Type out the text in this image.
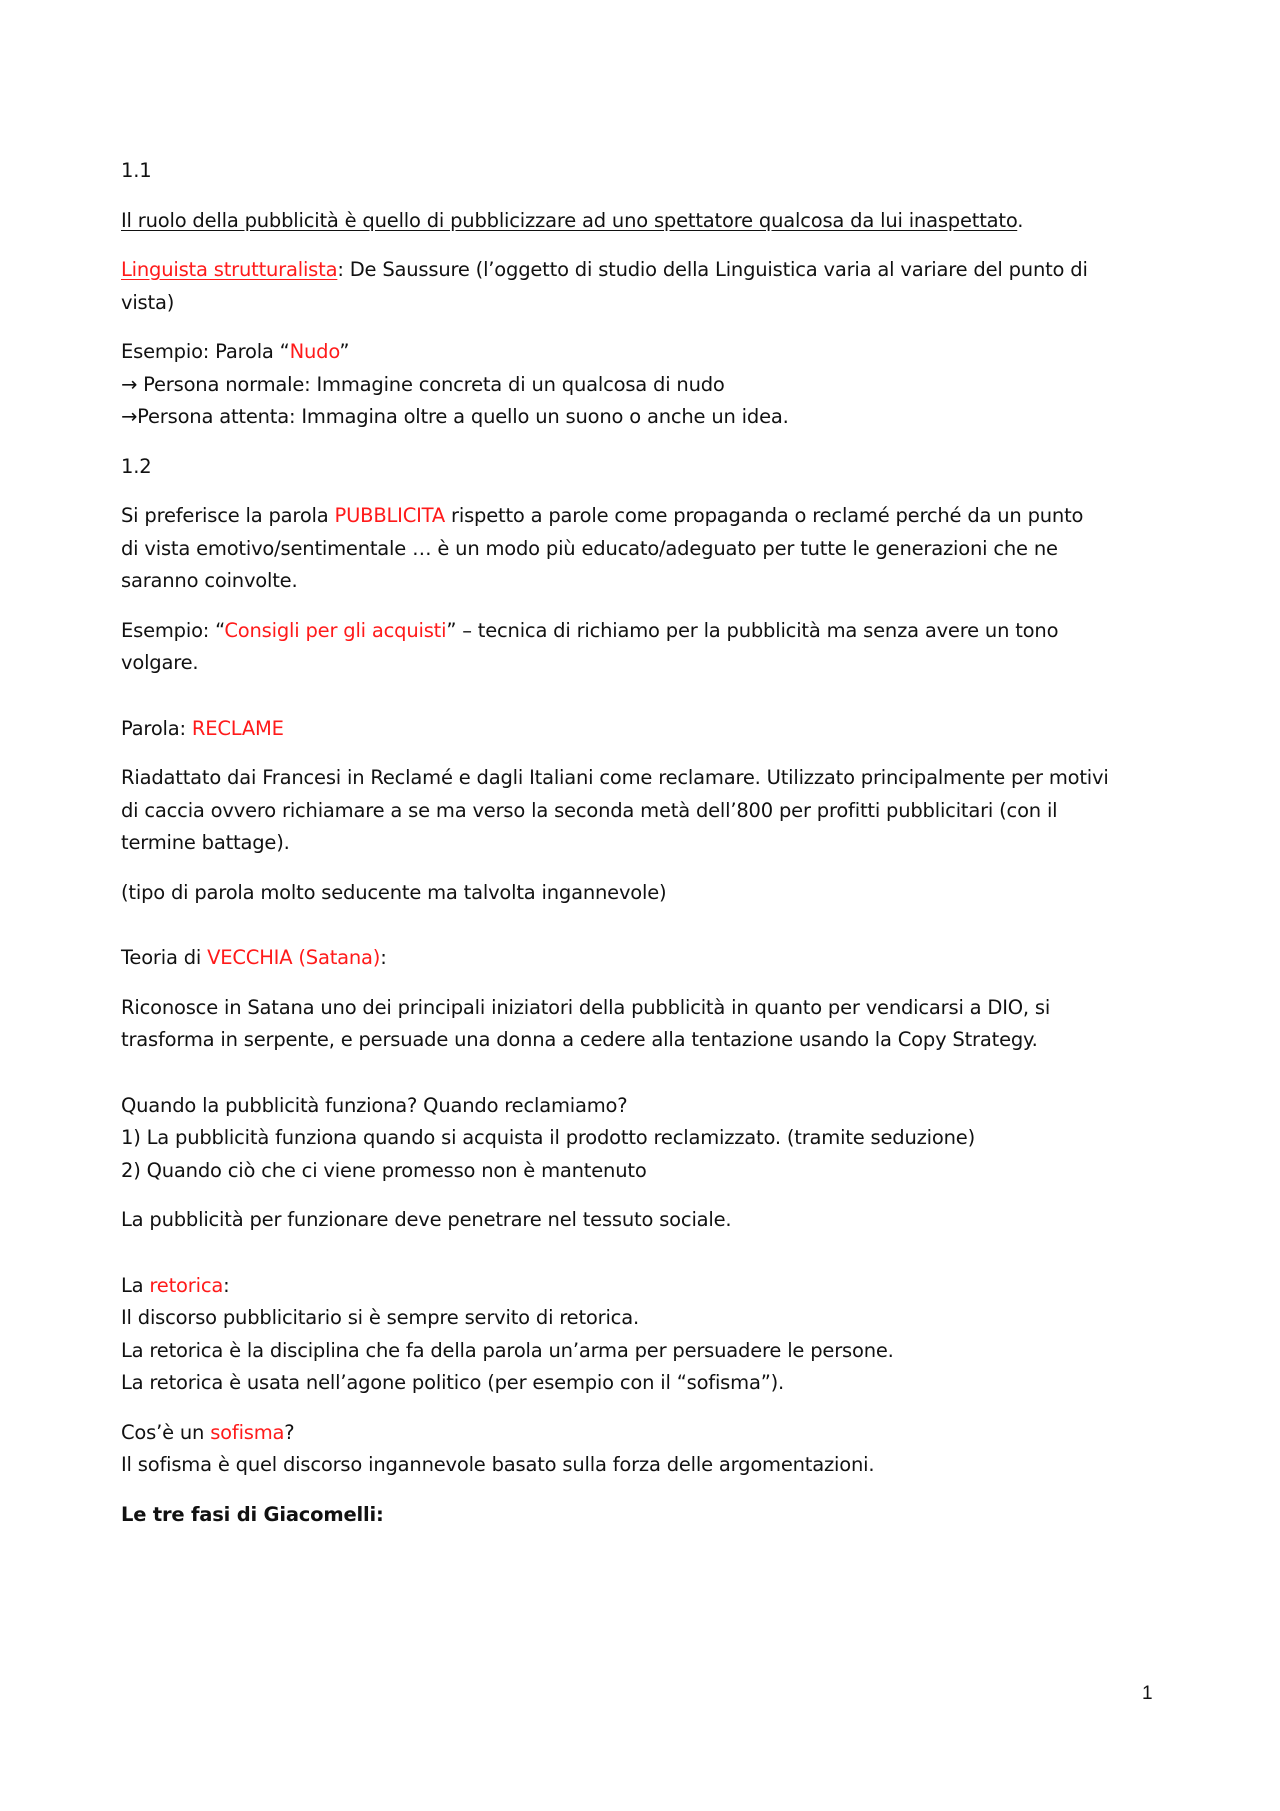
1.1
Il ruolo della pubblicità è quello di pubblicizzare ad uno spettatore qualcosa da lui inaspettato.
Linguista strutturalista: De Saussure (l’oggetto di studio della Linguistica varia al variare del punto di
vista)
Esempio: Parola “Nudo”
→ Persona normale: Immagine concreta di un qualcosa di nudo
→Persona attenta: Immagina oltre a quello un suono o anche un idea.
1.2
Si preferisce la parola PUBBLICITA rispetto a parole come propaganda o reclamé perché da un punto
di vista emotivo/sentimentale … è un modo più educato/adeguato per tutte le generazioni che ne
saranno coinvolte.
Esempio: “Consigli per gli acquisti” – tecnica di richiamo per la pubblicità ma senza avere un tono
volgare.
Parola: RECLAME
Riadattato dai Francesi in Reclamé e dagli Italiani come reclamare. Utilizzato principalmente per motivi
di caccia ovvero richiamare a se ma verso la seconda metà dell’800 per profitti pubblicitari (con il
termine battage).
(tipo di parola molto seducente ma talvolta ingannevole)
Teoria di VECCHIA (Satana):
Riconosce in Satana uno dei principali iniziatori della pubblicità in quanto per vendicarsi a DIO, si
trasforma in serpente, e persuade una donna a cedere alla tentazione usando la Copy Strategy.
Quando la pubblicità funziona? Quando reclamiamo?
1) La pubblicità funziona quando si acquista il prodotto reclamizzato. (tramite seduzione)
2) Quando ciò che ci viene promesso non è mantenuto
La pubblicità per funzionare deve penetrare nel tessuto sociale.
La retorica:
Il discorso pubblicitario si è sempre servito di retorica.
La retorica è la disciplina che fa della parola un’arma per persuadere le persone.
La retorica è usata nell’agone politico (per esempio con il “sofisma”).
Cos’è un sofisma?
Il sofisma è quel discorso ingannevole basato sulla forza delle argomentazioni.
Le tre fasi di Giacomelli:
1
